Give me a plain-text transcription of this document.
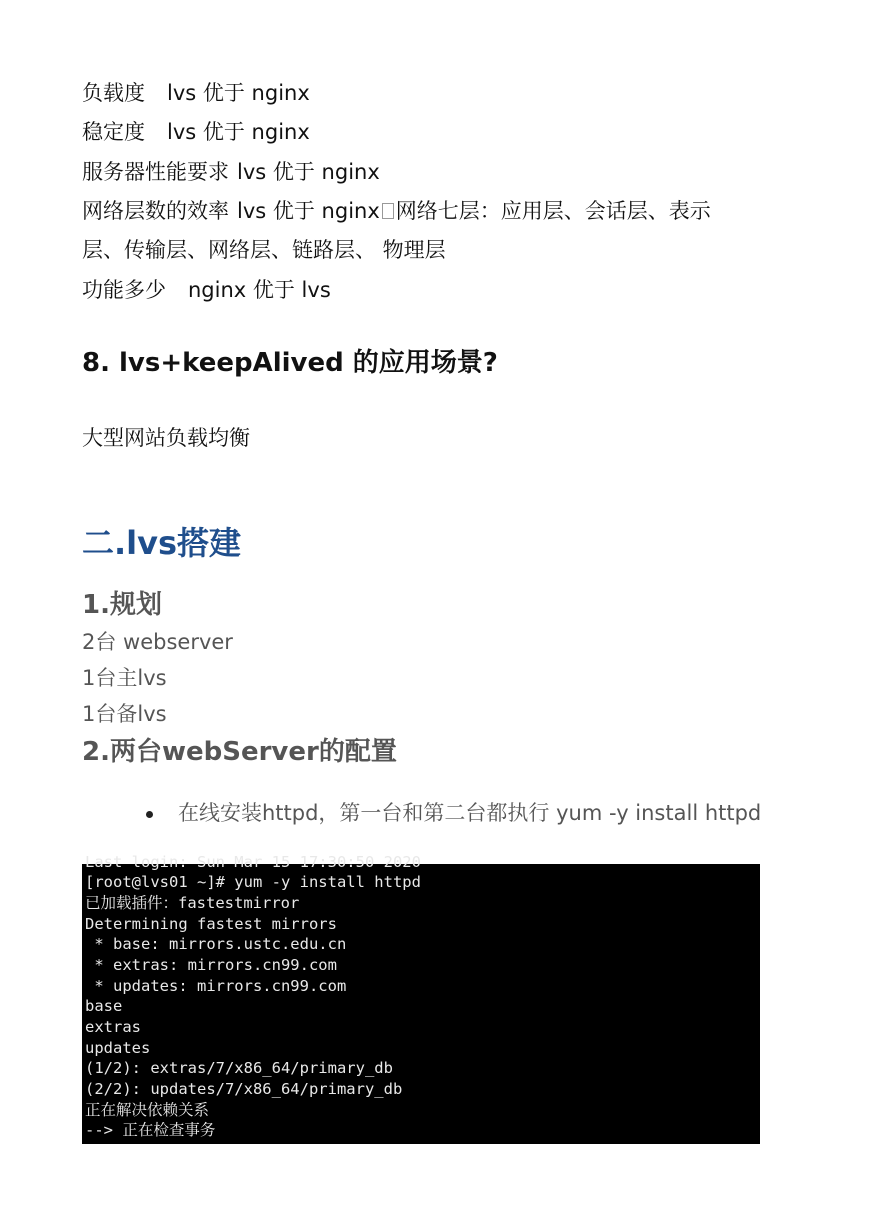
负载度 lvs 优于 nginx
稳定度 lvs 优于 nginx
服务器性能要求 lvs 优于 nginx
网络层数的效率 lvs 优于 nginx 网络七层：应用层、会话层、表示
层、传输层、网络层、链路层、 物理层
功能多少 nginx 优于 lvs
8. lvs+keepAlived 的应用场景?
大型网站负载均衡
二.lvs搭建
1.规划
2台 webserver
1台主lvs
1台备lvs
2.两台webServer的配置
在线安装httpd，第一台和第二台都执行 yum -y install httpd
Last login: Sun Mar 15 17:30:50 2020
[root@lvs01 ~]# yum -y install httpd
已加载插件：fastestmirror
Determining fastest mirrors
* base: mirrors.ustc.edu.cn
* extras: mirrors.cn99.com
* updates: mirrors.cn99.com
base
extras
updates
(1/2): extras/7/x86_64/primary_db
(2/2): updates/7/x86_64/primary_db
正在解决依赖关系
--> 正在检查事务
